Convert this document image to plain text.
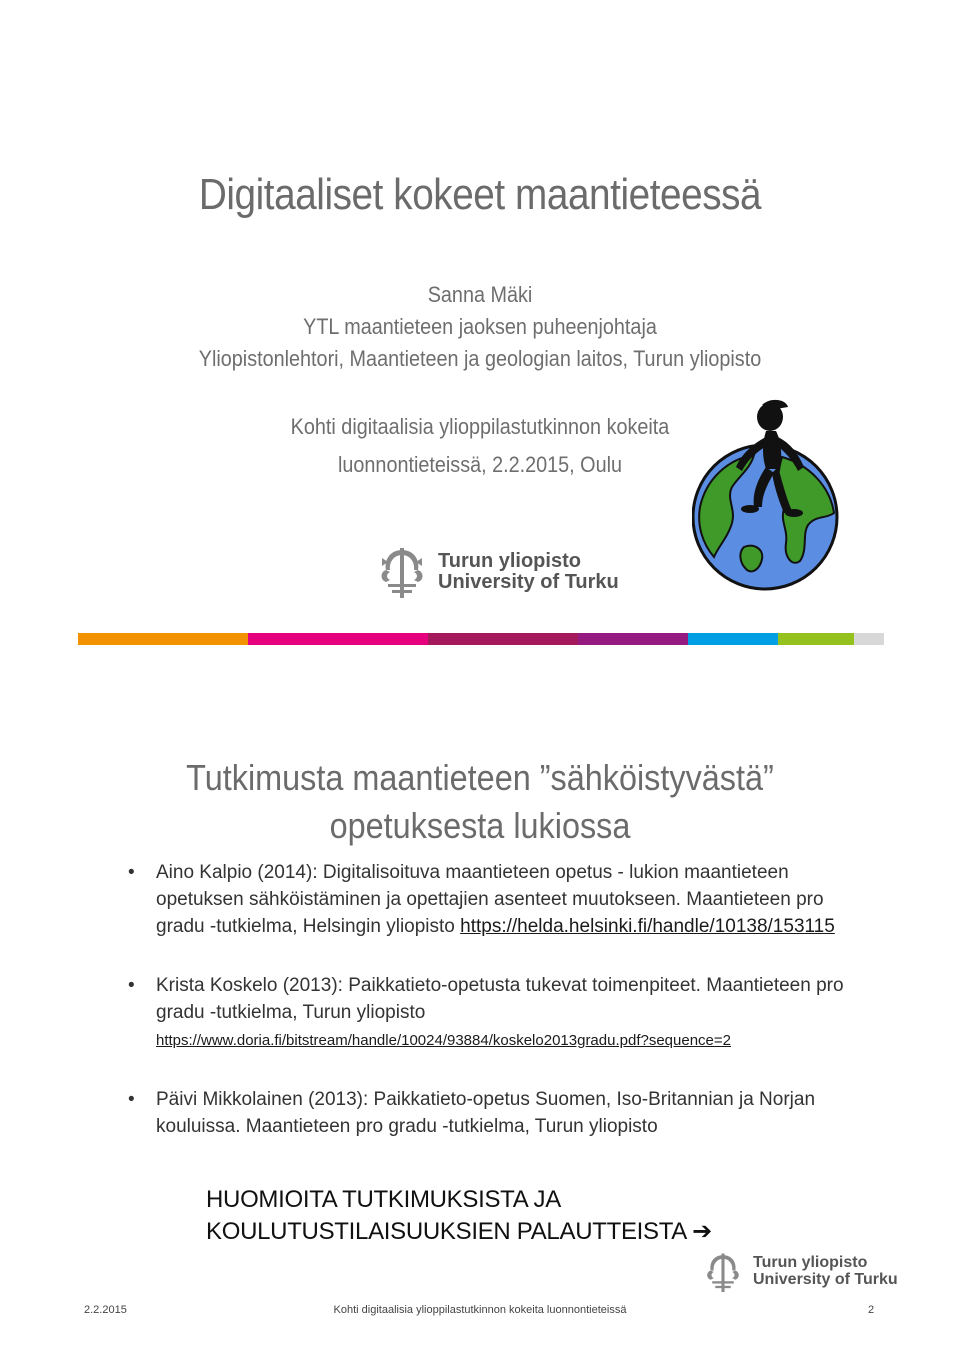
Digitaaliset kokeet maantieteessä
Sanna Mäki
YTL maantieteen jaoksen puheenjohtaja
Yliopistonlehtori, Maantieteen ja geologian laitos, Turun yliopisto
Kohti digitaalisia ylioppilastutkinnon kokeita
luonnontieteissä, 2.2.2015, Oulu
Turun yliopisto
University of Turku
Tutkimusta maantieteen ”sähköistyvästä”
opetuksesta lukiossa
• Aino Kalpio (2014): Digitalisoituva maantieteen opetus - lukion maantieteen opetuksen sähköistäminen ja opettajien asenteet muutokseen. Maantieteen pro gradu -tutkielma, Helsingin yliopisto https://helda.helsinki.fi/handle/10138/153115
• Krista Koskelo (2013): Paikkatieto-opetusta tukevat toimenpiteet. Maantieteen pro gradu -tutkielma, Turun yliopisto
https://www.doria.fi/bitstream/handle/10024/93884/koskelo2013gradu.pdf?sequence=2
• Päivi Mikkolainen (2013): Paikkatieto-opetus Suomen, Iso-Britannian ja Norjan kouluissa. Maantieteen pro gradu -tutkielma, Turun yliopisto
HUOMIOITA TUTKIMUKSISTA JA
KOULUTUSTILAISUUKSIEN PALAUTTEISTA ➔
Turun yliopisto
University of Turku
2.2.2015	Kohti digitaalisia ylioppilastutkinnon kokeita luonnontieteissä	2
